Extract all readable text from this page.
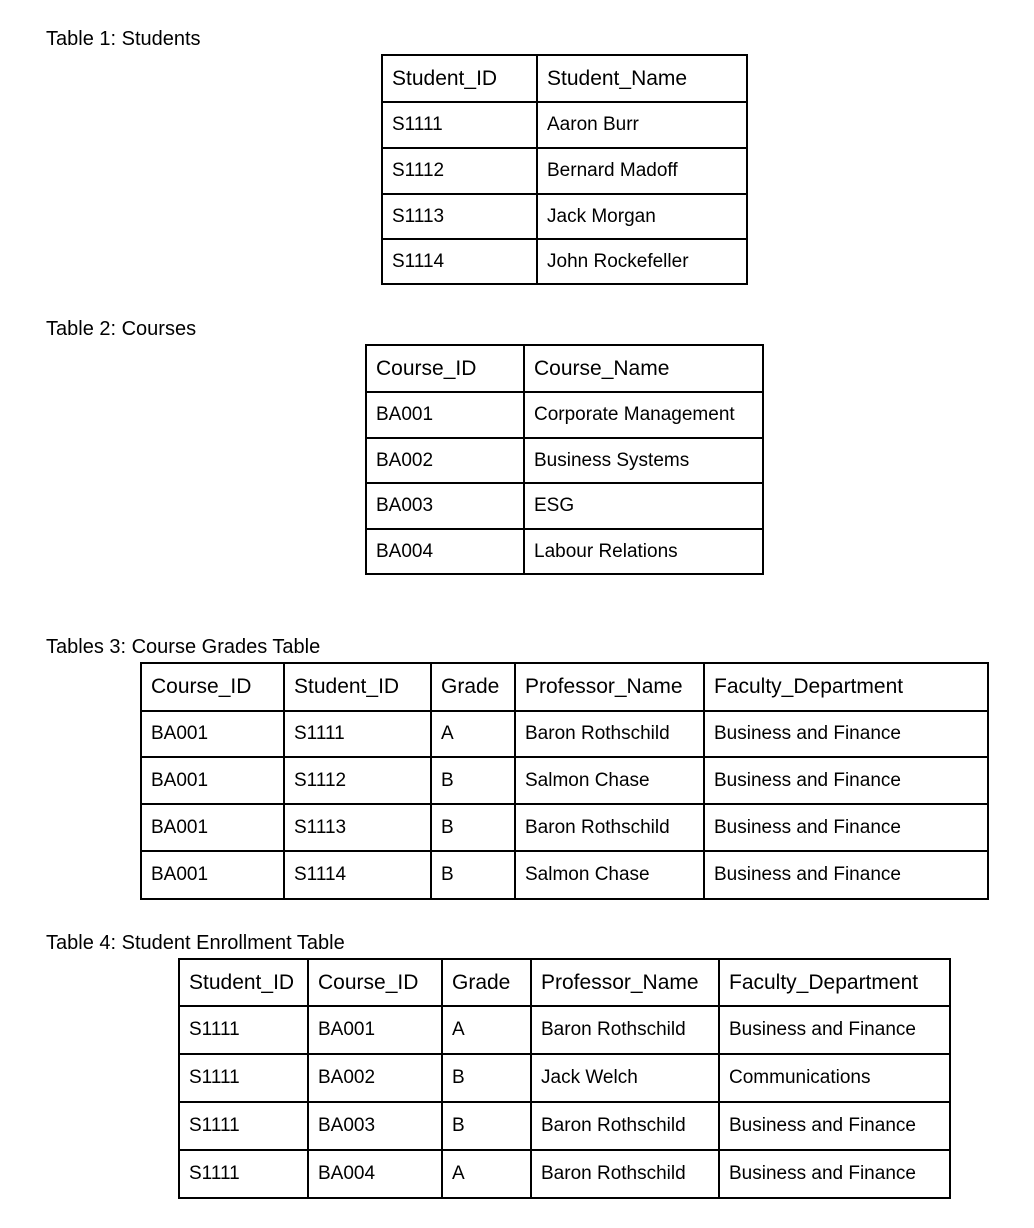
Table 1: Students

Student_ID	Student_Name
S1111	Aaron Burr
S1112	Bernard Madoff
S1113	Jack Morgan
S1114	John Rockefeller

Table 2: Courses

Course_ID	Course_Name
BA001	Corporate Management
BA002	Business Systems
BA003	ESG
BA004	Labour Relations

Tables 3: Course Grades Table

Course_ID	Student_ID	Grade	Professor_Name	Faculty_Department
BA001	S1111	A	Baron Rothschild	Business and Finance
BA001	S1112	B	Salmon Chase	Business and Finance
BA001	S1113	B	Baron Rothschild	Business and Finance
BA001	S1114	B	Salmon Chase	Business and Finance

Table 4: Student Enrollment Table

Student_ID	Course_ID	Grade	Professor_Name	Faculty_Department
S1111	BA001	A	Baron Rothschild	Business and Finance
S1111	BA002	B	Jack Welch	Communications
S1111	BA003	B	Baron Rothschild	Business and Finance
S1111	BA004	A	Baron Rothschild	Business and Finance
